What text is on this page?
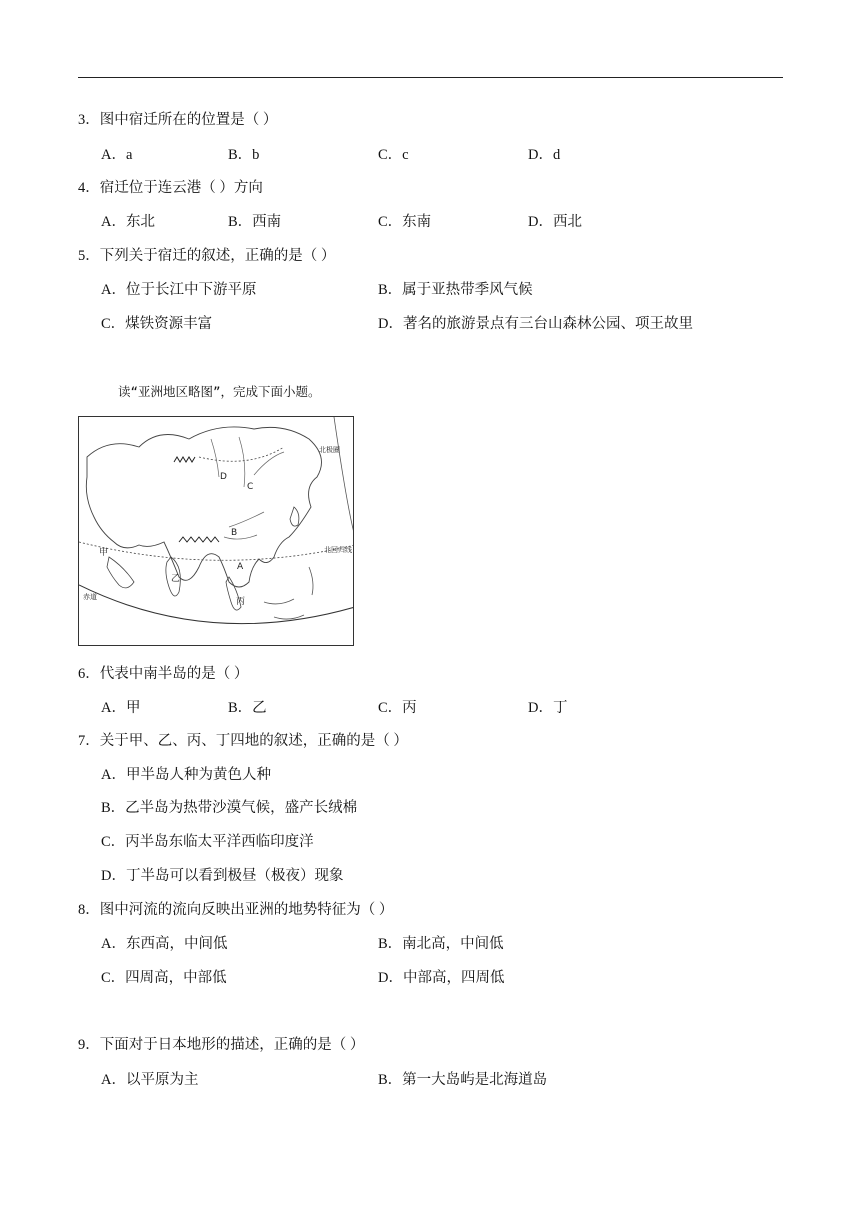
3．图中宿迁所在的位置是（ ）
A．a	B．b	C．c	D．d
4．宿迁位于连云港（ ）方向
A．东北	B．西南	C．东南	D．西北
5．下列关于宿迁的叙述，正确的是（ ）
A．位于长江中下游平原	B．属于亚热带季风气候
C．煤铁资源丰富	D．著名的旅游景点有三台山森林公园、项王故里
读“亚洲地区略图”，完成下面小题。
D
C
B
A
甲
乙
丙
赤道
北极圈
北回归线
6．代表中南半岛的是（ ）
A．甲	B．乙	C．丙	D．丁
7．关于甲、乙、丙、丁四地的叙述，正确的是（ ）
A．甲半岛人种为黄色人种
B．乙半岛为热带沙漠气候，盛产长绒棉
C．丙半岛东临太平洋西临印度洋
D．丁半岛可以看到极昼（极夜）现象
8．图中河流的流向反映出亚洲的地势特征为（ ）
A．东西高，中间低	B．南北高，中间低
C．四周高，中部低	D．中部高，四周低
9．下面对于日本地形的描述，正确的是（ ）
A．以平原为主	B．第一大岛屿是北海道岛
